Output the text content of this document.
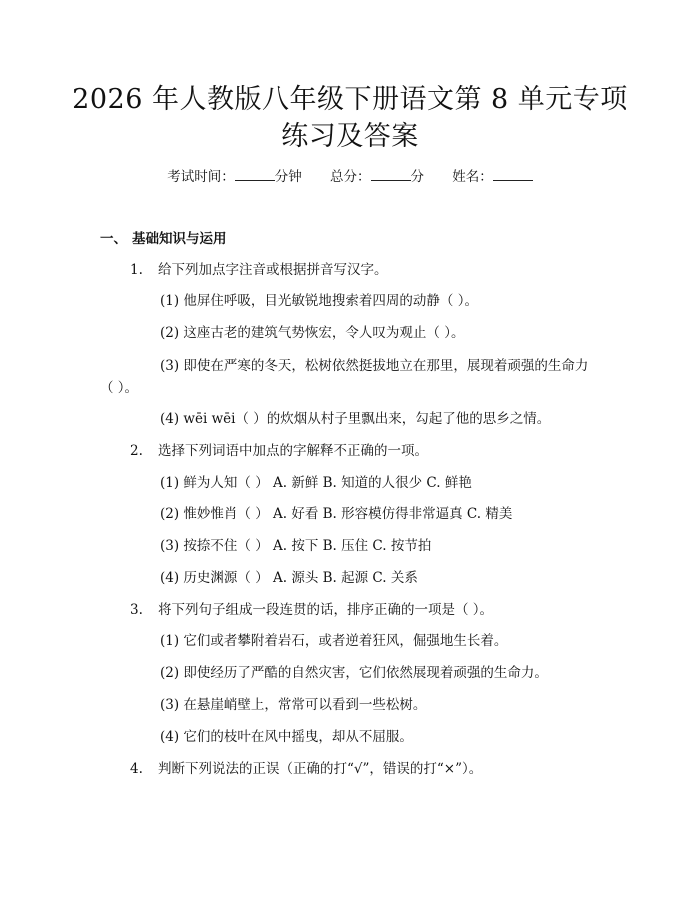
2026 年人教版八年级下册语文第 8 单元专项
练习及答案
考试时间：	分钟 总分：	分 姓名：
一、 基础知识与运用
1. 给下列加点字注音或根据拼音写汉字。
(1) 他屏住呼吸，目光敏锐地搜索着四周的动静（ ）。
(2) 这座古老的建筑气势恢宏，令人叹为观止（ ）。
(3) 即使在严寒的冬天，松树依然挺拔地立在那里，展现着顽强的生命力
（ ）。
(4) wēi wēi（ ）的炊烟从村子里飘出来，勾起了他的思乡之情。
2. 选择下列词语中加点的字解释不正确的一项。
(1) 鲜为人知（ ） A. 新鲜 B. 知道的人很少 C. 鲜艳
(2) 惟妙惟肖（ ） A. 好看 B. 形容模仿得非常逼真 C. 精美
(3) 按捺不住（ ） A. 按下 B. 压住 C. 按节拍
(4) 历史渊源（ ） A. 源头 B. 起源 C. 关系
3. 将下列句子组成一段连贯的话，排序正确的一项是（ ）。
(1) 它们或者攀附着岩石，或者逆着狂风，倔强地生长着。
(2) 即使经历了严酷的自然灾害，它们依然展现着顽强的生命力。
(3) 在悬崖峭壁上，常常可以看到一些松树。
(4) 它们的枝叶在风中摇曳，却从不屈服。
4. 判断下列说法的正误（正确的打“√”，错误的打“×”）。
